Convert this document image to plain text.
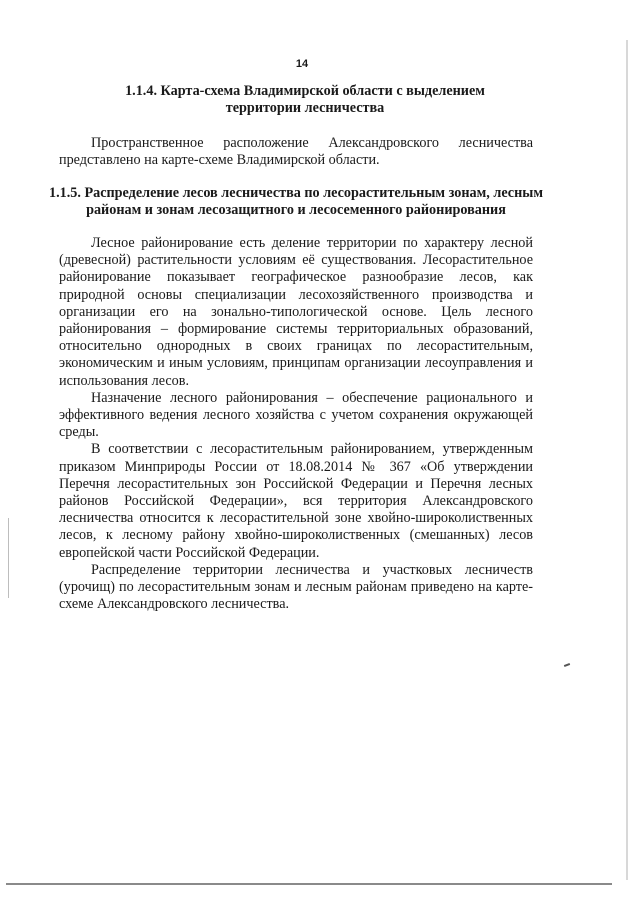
14
1.1.4. Карта-схема Владимирской области с выделением
территории лесничества

Пространственное расположение Александровского лесничества представлено на карте-схеме Владимирской области.

1.1.5. Распределение лесов лесничества по лесорастительным зонам, лесным
районам и зонам лесозащитного и лесосеменного районирования
Лесное районирование есть деление территории по характеру лесной (древесной) растительности условиям её существования. Лесорастительное районирование показывает географическое разнообразие лесов, как природной основы специализации лесохозяйственного производства и организации его на зонально-типологической основе. Цель лесного районирования – формирование системы территориальных образований, относительно однородных в своих границах по лесорастительным, экономическим и иным условиям, принципам организации лесоуправления и использования лесов.
Назначение лесного районирования – обеспечение рационального и эффективного ведения лесного хозяйства с учетом сохранения окружающей среды.
В соответствии с лесорастительным районированием, утвержденным приказом Минприроды России от 18.08.2014 № 367 «Об утверждении Перечня лесорастительных зон Российской Федерации и Перечня лесных районов Российской Федерации», вся территория Александровского лесничества относится к лесорастительной зоне хвойно-широколиственных лесов, к лесному району хвойно-широколиственных (смешанных) лесов европейской части Российской Федерации.
Распределение территории лесничества и участковых лесничеств (урочищ) по лесорастительным зонам и лесным районам приведено на карте-схеме Александровского лесничества.
